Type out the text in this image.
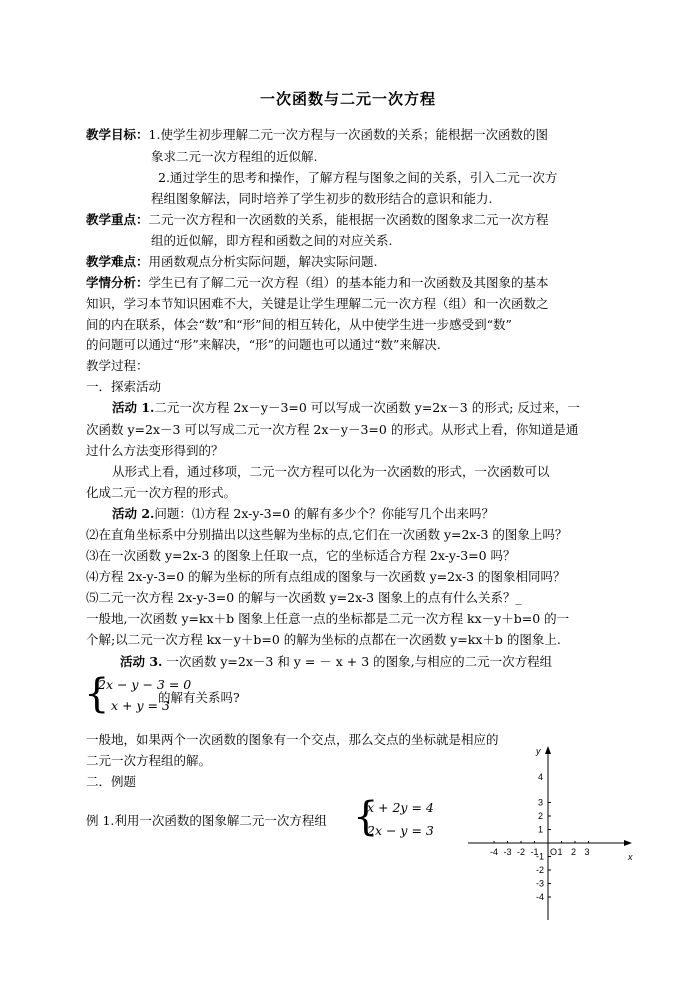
一次函数与二元一次方程
教学目标：1.使学生初步理解二元一次方程与一次函数的关系；能根据一次函数的图
象求二元一次方程组的近似解.
2.通过学生的思考和操作，了解方程与图象之间的关系，引入二元一次方
程组图象解法，同时培养了学生初步的数形结合的意识和能力.
教学重点：二元一次方程和一次函数的关系，能根据一次函数的图象求二元一次方程
组的近似解，即方程和函数之间的对应关系.
教学难点：用函数观点分析实际问题，解决实际问题.
学情分析：学生已有了解二元一次方程（组）的基本能力和一次函数及其图象的基本
知识，学习本节知识困难不大，关键是让学生理解二元一次方程（组）和一次函数之
间的内在联系，体会“数”和“形”间的相互转化，从中使学生进一步感受到“数”
的问题可以通过“形”来解决，“形”的问题也可以通过“数”来解决.
教学过程：
一．探索活动
活动 1.二元一次方程 2x－y－3=0 可以写成一次函数 y=2x－3 的形式; 反过来，一
次函数 y=2x－3 可以写成二元一次方程 2x－y－3=0 的形式。从形式上看，你知道是通
过什么方法变形得到的？
从形式上看，通过移项，二元一次方程可以化为一次函数的形式，一次函数可以
化成二元一次方程的形式。
活动 2.问题：⑴方程 2x-y-3=0 的解有多少个？你能写几个出来吗？
⑵在直角坐标系中分别描出以这些解为坐标的点,它们在一次函数 y=2x-3 的图象上吗？
⑶在一次函数 y=2x-3 的图象上任取一点，它的坐标适合方程 2x-y-3=0 吗？
⑷方程 2x-y-3=0 的解为坐标的所有点组成的图象与一次函数 y=2x-3 的图象相同吗？
⑸二元一次方程 2x-y-3=0 的解与一次函数 y=2x-3 图象上的点有什么关系？_
一般地,一次函数 y=kx＋b 图象上任意一点的坐标都是二元一次方程 kx－y＋b=0 的一
个解;以二元一次方程 kx－y＋b=0 的解为坐标的点都在一次函数 y=kx＋b 的图象上.
活动 3. 一次函数 y=2x－3 和 y = － x + 3 的图象,与相应的二元一次方程组
{
2x − y − 3 = 0
x + y = 3
的解有关系吗?
一般地，如果两个一次函数的图象有一个交点，那么交点的坐标就是相应的
二元一次方程组的解。
二．例题
例 1.利用一次函数的图象解二元一次方程组 {
x + 2y = 4
2x − y = 3
-4 -3 -2 -1 O 1 2 3
3
2
1
-1
-2
-3
-4
x
y
4
